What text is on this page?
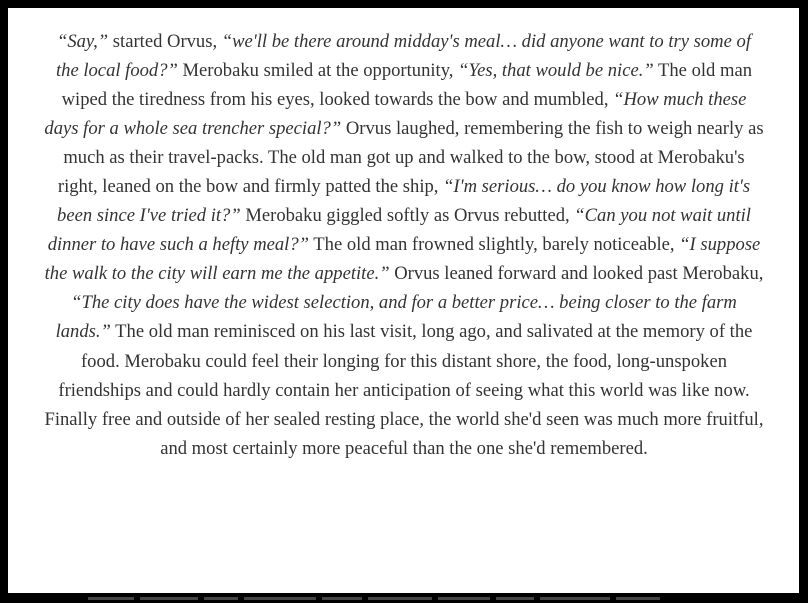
“Say,” started Orvus, “we'll be there around midday's meal… did anyone want to try some of the local food?” Merobaku smiled at the opportunity, “Yes, that would be nice.” The old man wiped the tiredness from his eyes, looked towards the bow and mumbled, “How much these days for a whole sea trencher special?” Orvus laughed, remembering the fish to weigh nearly as much as their travel-packs. The old man got up and walked to the bow, stood at Merobaku's right, leaned on the bow and firmly patted the ship, “I'm serious… do you know how long it's been since I've tried it?” Merobaku giggled softly as Orvus rebutted, “Can you not wait until dinner to have such a hefty meal?” The old man frowned slightly, barely noticeable, “I suppose the walk to the city will earn me the appetite.” Orvus leaned forward and looked past Merobaku, “The city does have the widest selection, and for a better price… being closer to the farm lands.” The old man reminisced on his last visit, long ago, and salivated at the memory of the food. Merobaku could feel their longing for this distant shore, the food, long-unspoken friendships and could hardly contain her anticipation of seeing what this world was like now. Finally free and outside of her sealed resting place, the world she'd seen was much more fruitful, and most certainly more peaceful than the one she'd remembered.
